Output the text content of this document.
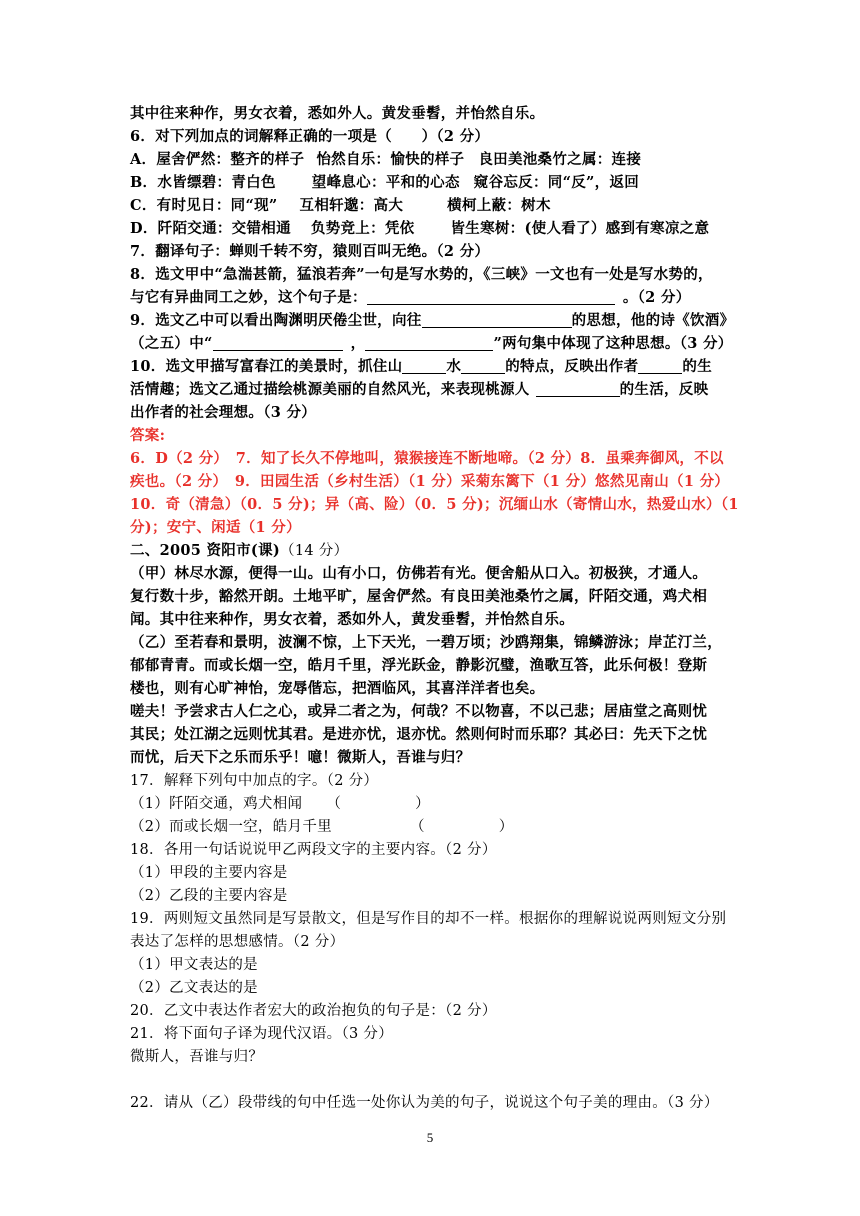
其中往来种作，男女衣着，悉如外人。黄发垂髫，并怡然自乐。
6．对下列加点的词解释正确的一项是（　　）（2 分）
A．屋舍俨然：整齐的样子 怡然自乐：愉快的样子 良田美池桑竹之属：连接
B．水皆缥碧：青白色 望峰息心：平和的心态 窥谷忘反：同“反”，返回
C．有时见日：同“现” 互相轩邈：高大	横柯上蔽：树木
D．阡陌交通：交错相通 负势竞上：凭依 皆生寒树：(使人看了）感到有寒凉之意
7．翻译句子：蝉则千转不穷，猿则百叫无绝。（2 分）
8．选文甲中“急湍甚箭，猛浪若奔”一句是写水势的，《三峡》一文也有一处是写水势的，
与它有异曲同工之妙，这个句子是：	。（2 分）
9．选文乙中可以看出陶渊明厌倦尘世，向往	的思想，他的诗《饮酒》
（之五）中“	，	”两句集中体现了这种思想。（3 分）
10．选文甲描写富春江的美景时，抓住山	水	的特点，反映出作者	的生
活情趣；选文乙通过描绘桃源美丽的自然风光，来表现桃源人	的生活，反映
出作者的社会理想。（3 分）
答案:
6．D（2 分）　7．知了长久不停地叫，猿猴接连不断地啼。（2 分）8．虽乘奔御风，不以
疾也。（2 分）　9．田园生活（乡村生活）（1 分）采菊东篱下（1 分）悠然见南山（1 分）
10．奇（清急）（0．5 分)；异（高、险）（0．5 分)；沉缅山水（寄情山水，热爱山水）（1
分)；安宁、闲适（1 分）
二、2005 资阳市(课)（14 分）
（甲）林尽水源，便得一山。山有小口，仿佛若有光。便舍船从口入。初极狭，才通人。
复行数十步，豁然开朗。土地平旷，屋舍俨然。有良田美池桑竹之属，阡陌交通，鸡犬相
闻。其中往来种作，男女衣着，悉如外人，黄发垂髫，并怡然自乐。
（乙）至若春和景明，波澜不惊，上下天光，一碧万顷；沙鸥翔集，锦鳞游泳；岸芷汀兰，
郁郁青青。而或长烟一空，皓月千里，浮光跃金，静影沉璧，渔歌互答，此乐何极！登斯
楼也，则有心旷神怡，宠辱偕忘，把酒临风，其喜洋洋者也矣。
嗟夫！予尝求古人仁之心，或异二者之为，何哉？不以物喜，不以己悲；居庙堂之高则忧
其民；处江湖之远则忧其君。是进亦忧，退亦忧。然则何时而乐耶？其必曰：先天下之忧
而忧，后天下之乐而乐乎！噫！微斯人，吾谁与归？
17．解释下列句中加点的字。（2 分）
（1）阡陌交通，鸡犬相闻 （　　　　　）
（2）而或长烟一空，皓月千里	（　　　　　）
18．各用一句话说说甲乙两段文字的主要内容。（2 分）
（1）甲段的主要内容是
（2）乙段的主要内容是
19．两则短文虽然同是写景散文，但是写作目的却不一样。根据你的理解说说两则短文分别
表达了怎样的思想感情。（2 分）
（1）甲文表达的是
（2）乙文表达的是
20．乙文中表达作者宏大的政治抱负的句子是：（2 分）
21．将下面句子译为现代汉语。（3 分）
微斯人，吾谁与归？
22．请从（乙）段带线的句中任选一处你认为美的句子，说说这个句子美的理由。（3 分）
5
